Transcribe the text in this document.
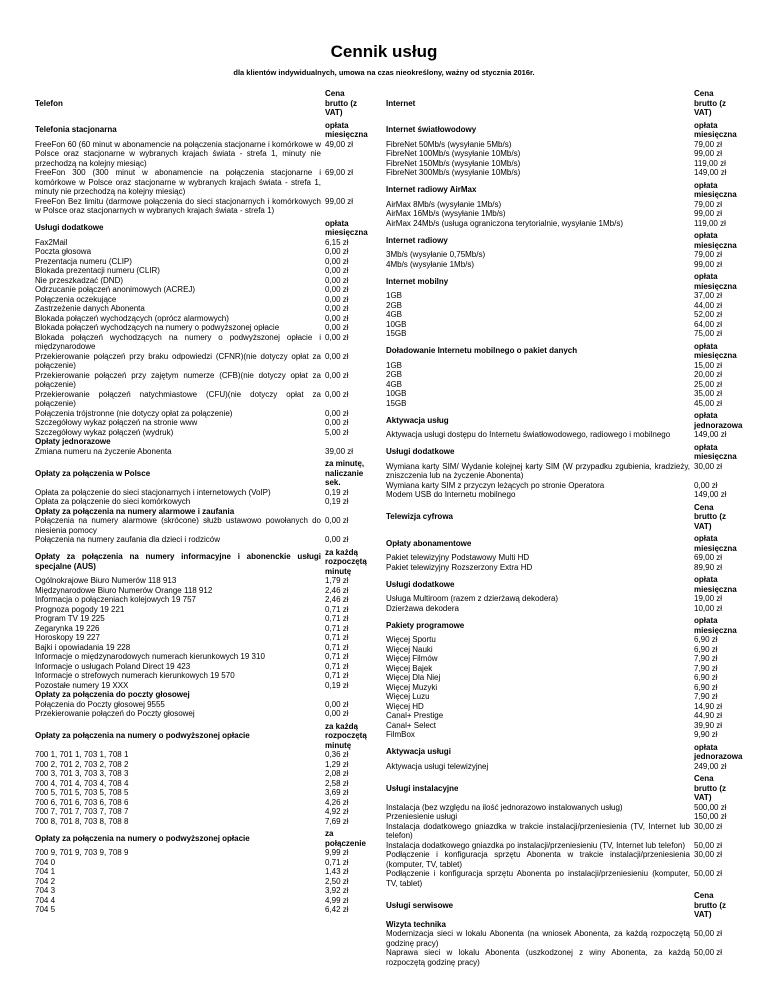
Cennik usług
dla klientów indywidualnych, umowa na czas nieokreślony, ważny od stycznia 2016r.
Telefon
Cena brutto (z VAT)
Telefonia stacjonarna
opłata miesięczna
FreeFon 60 (60 minut w abonamencie na połączenia stacjonarne i komórkowe w Polsce oraz stacjonarne w wybranych krajach świata - strefa 1, minuty nie przechodzą na kolejny miesiąc)
49,00 zł
FreeFon 300 (300 minut w abonamencie na połączenia stacjonarne i komórkowe w Polsce oraz stacjonarne w wybranych krajach świata - strefa 1, minuty nie przechodzą na kolejny miesiąc)
69,00 zł
FreeFon Bez limitu (darmowe połączenia do sieci stacjonarnych i komórkowych w Polsce oraz stacjonarnych w wybranych krajach świata - strefa 1)
99,00 zł
Usługi dodatkowe
opłata miesięczna
Fax2Mail	6,15 zł
Poczta głosowa	0,00 zł
Prezentacja numeru (CLIP)	0,00 zł
Blokada prezentacji numeru (CLIR)	0,00 zł
Nie przeszkadzać (DND)	0,00 zł
Odrzucanie połączeń anonimowych (ACREJ)	0,00 zł
Połączenia oczekujące	0,00 zł
Zastrzeżenie danych Abonenta	0,00 zł
Blokada połączeń wychodzących (oprócz alarmowych)	0,00 zł
Blokada połączeń wychodzących na numery o podwyższonej opłacie	0,00 zł
Blokada połączeń wychodzących na numery o podwyższonej opłacie i międzynarodowe
0,00 zł
Przekierowanie połączeń przy braku odpowiedzi (CFNR)(nie dotyczy opłat za połączenie)
0,00 zł
Przekierowanie połączeń przy zajętym numerze (CFB)(nie dotyczy opłat za połączenie)
0,00 zł
Przekierowanie połączeń natychmiastowe (CFU)(nie dotyczy opłat za połączenie)
0,00 zł
Połączenia trójstronne (nie dotyczy opłat za połączenie)	0,00 zł
Szczegółowy wykaz połączeń na stronie www	0,00 zł
Szczegółowy wykaz połączeń (wydruk)	5,00 zł
Opłaty jednorazowe
Zmiana numeru na życzenie Abonenta	39,00 zł
Opłaty za połączenia w Polsce
za minutę, naliczanie sek.
Opłata za połączenie do sieci stacjonarnych i internetowych (VoIP)	0,19 zł
Opłata za połączenie do sieci komórkowych	0,19 zł
Opłaty za połączenia na numery alarmowe i zaufania
Połączenia na numery alarmowe (skrócone) służb ustawowo powołanych do niesienia pomocy
0,00 zł
Połączenia na numery zaufania dla dzieci i rodziców	0,00 zł
Opłaty za połączenia na numery informacyjne i abonenckie usługi specjalne (AUS)
za każdą rozpoczętą minutę
Ogólnokrajowe Biuro Numerów 118 913	1,79 zł
Międzynarodowe Biuro Numerów Orange 118 912	2,46 zł
Informacja o połączeniach kolejowych 19 757	2,46 zł
Prognoza pogody 19 221	0,71 zł
Program TV 19 225	0,71 zł
Zegarynka 19 226	0,71 zł
Horoskopy 19 227	0,71 zł
Bajki i opowiadania 19 228	0,71 zł
Informacje o międzynarodowych numerach kierunkowych 19 310	0,71 zł
Informacje o usługach Poland Direct 19 423	0,71 zł
Informacje o strefowych numerach kierunkowych 19 570	0,71 zł
Pozostałe numery 19 XXX	0,19 zł
Opłaty za połączenia do poczty głosowej
Połączenia do Poczty głosowej 9555	0,00 zł
Przekierowanie połączeń do Poczty głosowej	0,00 zł
Opłaty za połączenia na numery o podwyższonej opłacie
za każdą rozpoczętą minutę
700 1, 701 1, 703 1, 708 1	0,36 zł
700 2, 701 2, 703 2, 708 2	1,29 zł
700 3, 701 3, 703 3, 708 3	2,08 zł
700 4, 701 4, 703 4, 708 4	2,58 zł
700 5, 701 5, 703 5, 708 5	3,69 zł
700 6, 701 6, 703 6, 708 6	4,26 zł
700 7, 701 7, 703 7, 708 7	4,92 zł
700 8, 701 8, 703 8, 708 8	7,69 zł
Opłaty za połączenia na numery o podwyższonej opłacie
za połączenie
700 9, 701 9, 703 9, 708 9	9,99 zł
704 0	0,71 zł
704 1	1,43 zł
704 2	2,50 zł
704 3	3,92 zł
704 4	4,99 zł
704 5	6,42 zł
Internet
Cena brutto (z VAT)
Internet światłowodowy
opłata miesięczna
FibreNet 50Mb/s (wysyłanie 5Mb/s)	79,00 zł
FibreNet 100Mb/s (wysyłanie 10Mb/s)	99,00 zł
FibreNet 150Mb/s (wysyłanie 10Mb/s)	119,00 zł
FibreNet 300Mb/s (wysyłanie 10Mb/s)	149,00 zł
Internet radiowy AirMax
opłata miesięczna
AirMax 8Mb/s (wysyłanie 1Mb/s)	79,00 zł
AirMax 16Mb/s (wysyłanie 1Mb/s)	99,00 zł
AirMax 24Mb/s (usługa ograniczona terytorialnie, wysyłanie 1Mb/s)	119,00 zł
Internet radiowy
opłata miesięczna
3Mb/s (wysyłanie 0,75Mb/s)	79,00 zł
4Mb/s (wysyłanie 1Mb/s)	99,00 zł
Internet mobilny
opłata miesięczna
1GB	37,00 zł
2GB	44,00 zł
4GB	52,00 zł
10GB	64,00 zł
15GB	75,00 zł
Doładowanie Internetu mobilnego o pakiet danych
opłata miesięczna
1GB	15,00 zł
2GB	20,00 zł
4GB	25,00 zł
10GB	35,00 zł
15GB	45,00 zł
Aktywacja usług
opłata jednorazowa
Aktywacja usługi dostępu do Internetu światłowodowego, radiowego i mobilnego	149,00 zł
Usługi dodatkowe
opłata miesięczna
Wymiana karty SIM/ Wydanie kolejnej karty SIM (W przypadku zgubienia, kradzieży, zniszczenia lub na życzenie Abonenta)
30,00 zł
Wymiana karty SIM z przyczyn leżących po stronie Operatora	0,00 zł
Modem USB do Internetu mobilnego	149,00 zł
Telewizja cyfrowa
Cena brutto (z VAT)
Opłaty abonamentowe
opłata miesięczna
Pakiet telewizyjny Podstawowy Multi HD	69,00 zł
Pakiet telewizyjny Rozszerzony Extra HD	89,90 zł
Usługi dodatkowe
opłata miesięczna
Usługa Multiroom (razem z dzierżawą dekodera)	19,00 zł
Dzierżawa dekodera	10,00 zł
Pakiety programowe
opłata miesięczna
Więcej Sportu	6,90 zł
Więcej Nauki	6,90 zł
Więcej Filmów	7,90 zł
Więcej Bajek	7,90 zł
Więcej Dla Niej	6,90 zł
Więcej Muzyki	6,90 zł
Więcej Luzu	7,90 zł
Więcej HD	14,90 zł
Canal+ Prestige	44,90 zł
Canal+ Select	39,90 zł
FilmBox	9,90 zł
Aktywacja usługi
opłata jednorazowa
Aktywacja usługi telewizyjnej	249,00 zł
Usługi instalacyjne
Cena brutto (z VAT)
Instalacja (bez względu na ilość jednorazowo instalowanych usług)	500,00 zł
Przeniesienie usługi	150,00 zł
Instalacja dodatkowego gniazdka w trakcie instalacji/przeniesienia (TV, Internet lub telefon)
30,00 zł
Instalacja dodatkowego gniazdka po instalacji/przeniesieniu (TV, Internet lub telefon)	50,00 zł
Podłączenie i konfiguracja sprzętu Abonenta w trakcie instalacji/przeniesienia (komputer, TV, tablet)
30,00 zł
Podłączenie i konfiguracja sprzętu Abonenta po instalacji/przeniesieniu (komputer, TV, tablet)
50,00 zł
Usługi serwisowe
Cena brutto (z VAT)
Wizyta technika
Modernizacja sieci w lokalu Abonenta (na wniosek Abonenta, za każdą rozpoczętą godzinę pracy)
50,00 zł
Naprawa sieci w lokalu Abonenta (uszkodzonej z winy Abonenta, za każdą rozpoczętą godzinę pracy)
50,00 zł
